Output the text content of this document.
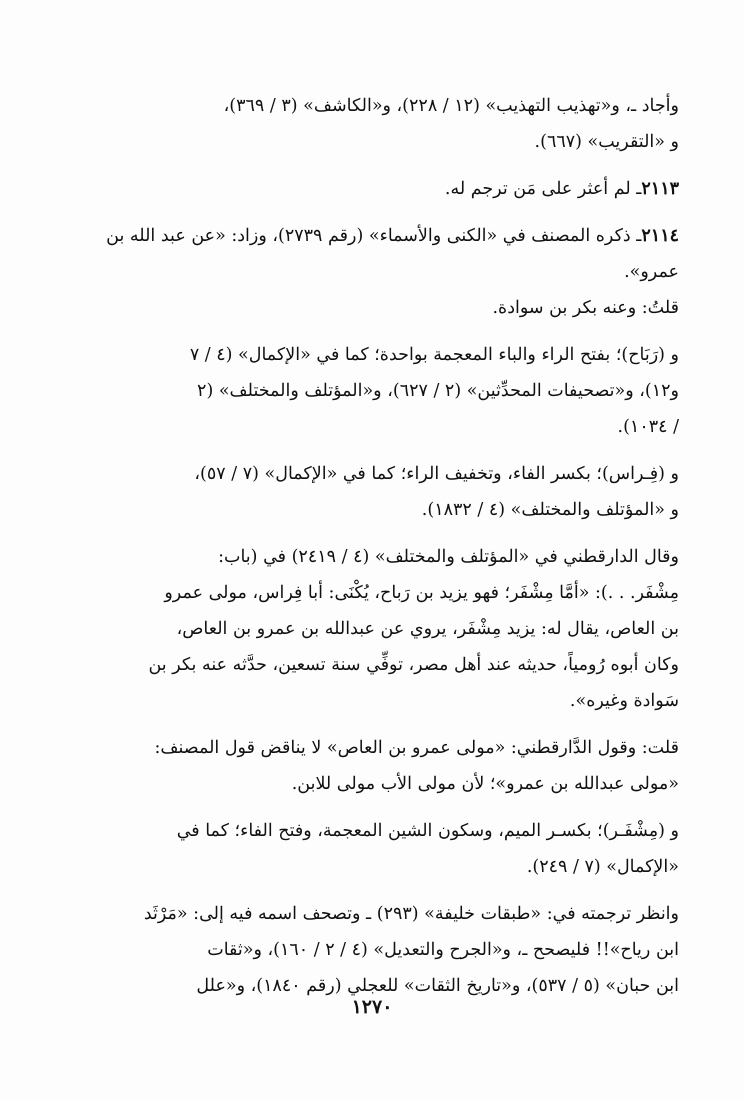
وأجاد ـ، و«تهذيب التهذيب» (١٢ / ٢٢٨)، و«الكاشف» (٣ / ٣٦٩)،
و «التقريب» (٦٦٧).
٢١١٣ـ لم أعثر على مَن ترجم له.
٢١١٤ـ ذكره المصنف في «الكنى والأسماء» (رقم ٢٧٣٩)، وزاد: «عن عبد الله بن
عمرو».
قلتُ: وعنه بكر بن سوادة.
و (رَبَاح)؛ بفتح الراء والباء المعجمة بواحدة؛ كما في «الإكمال» (٤ / ٧
و١٢)، و«تصحيفات المحدِّثين» (٢ / ٦٢٧)، و«المؤتلف والمختلف» (٢
/ ١٠٣٤).
و (فِـراس)؛ بكسر الفاء، وتخفيف الراء؛ كما في «الإكمال» (٧ / ٥٧)،
و «المؤتلف والمختلف» (٤ / ١٨٣٢).
وقال الدارقطني في «المؤتلف والمختلف» (٤ / ٢٤١٩) في (باب:
مِشْفَر. . .): «أمَّا مِشْفَر؛ فهو يزيد بن رَباح، يُكْنَى: أبا فِراس، مولى عمرو
بن العاص، يقال له: يزيد مِشْفَر، يروي عن عبدالله بن عمرو بن العاص،
وكان أبوه رُومياً، حديثه عند أهل مصر، توفِّي سنة تسعين، حدَّثه عنه بكر بن
سَوادة وغيره».
قلت: وقول الدَّارقطني: «مولى عمرو بن العاص» لا يناقض قول المصنف:
«مولى عبدالله بن عمرو»؛ لأن مولى الأب مولى للابن.
و (مِشْفَـر)؛ بكسـر الميم، وسكون الشين المعجمة، وفتح الفاء؛ كما في
«الإكمال» (٧ / ٢٤٩).
وانظر ترجمته في: «طبقات خليفة» (٢٩٣) ـ وتصحف اسمه فيه إلى: «مَرْثَد
ابن رياح»!! فليصحح ـ، و«الجرح والتعديل» (٤ / ٢ / ١٦٠)، و«ثقات
ابن حبان» (٥ / ٥٣٧)، و«تاريخ الثقات» للعجلي (رقم ١٨٤٠)، و«علل
١٢٧٠
